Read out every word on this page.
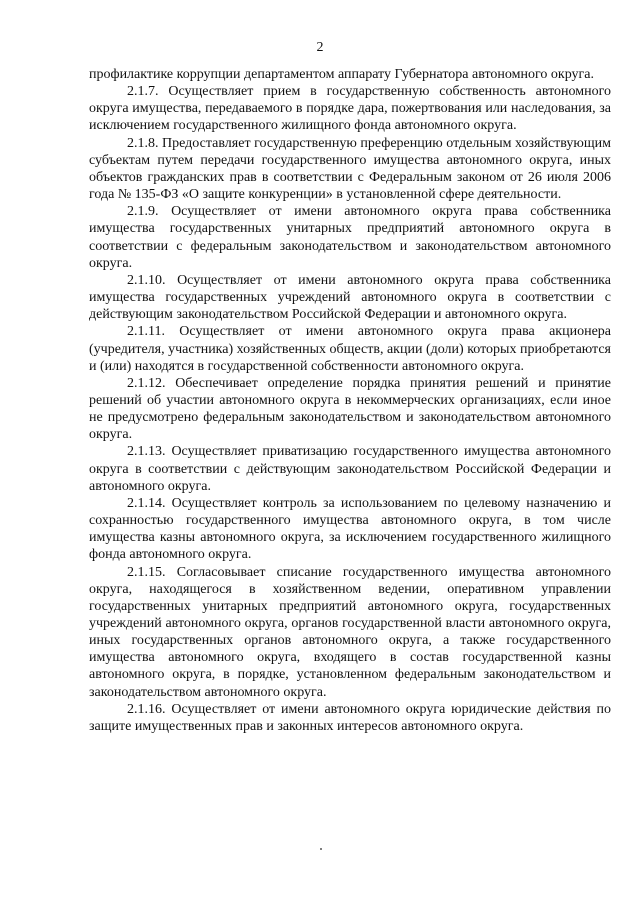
2

профилактике коррупции департаментом аппарату Губернатора автономного округа.

2.1.7. Осуществляет прием в государственную собственность автономного округа имущества, передаваемого в порядке дара, пожертвования или наследования, за исключением государственного жилищного фонда автономного округа.

2.1.8. Предоставляет государственную преференцию отдельным хозяйствующим субъектам путем передачи государственного имущества автономного округа, иных объектов гражданских прав в соответствии с Федеральным законом от 26 июля 2006 года № 135-ФЗ «О защите конкуренции» в установленной сфере деятельности.

2.1.9. Осуществляет от имени автономного округа права собственника имущества государственных унитарных предприятий автономного округа в соответствии с федеральным законодательством и законодательством автономного округа.

2.1.10. Осуществляет от имени автономного округа права собственника имущества государственных учреждений автономного округа в соответствии с действующим законодательством Российской Федерации и автономного округа.

2.1.11. Осуществляет от имени автономного округа права акционера (учредителя, участника) хозяйственных обществ, акции (доли) которых приобретаются и (или) находятся в государственной собственности автономного округа.

2.1.12. Обеспечивает определение порядка принятия решений и принятие решений об участии автономного округа в некоммерческих организациях, если иное не предусмотрено федеральным законодательством и законодательством автономного округа.

2.1.13. Осуществляет приватизацию государственного имущества автономного округа в соответствии с действующим законодательством Российской Федерации и автономного округа.

2.1.14. Осуществляет контроль за использованием по целевому назначению и сохранностью государственного имущества автономного округа, в том числе имущества казны автономного округа, за исключением государственного жилищного фонда автономного округа.

2.1.15. Согласовывает списание государственного имущества автономного округа, находящегося в хозяйственном ведении, оперативном управлении государственных унитарных предприятий автономного округа, государственных учреждений автономного округа, органов государственной власти автономного округа, иных государственных органов автономного округа, а также государственного имущества автономного округа, входящего в состав государственной казны автономного округа, в порядке, установленном федеральным законодательством и законодательством автономного округа.

2.1.16. Осуществляет от имени автономного округа юридические действия по защите имущественных прав и законных интересов автономного округа.
